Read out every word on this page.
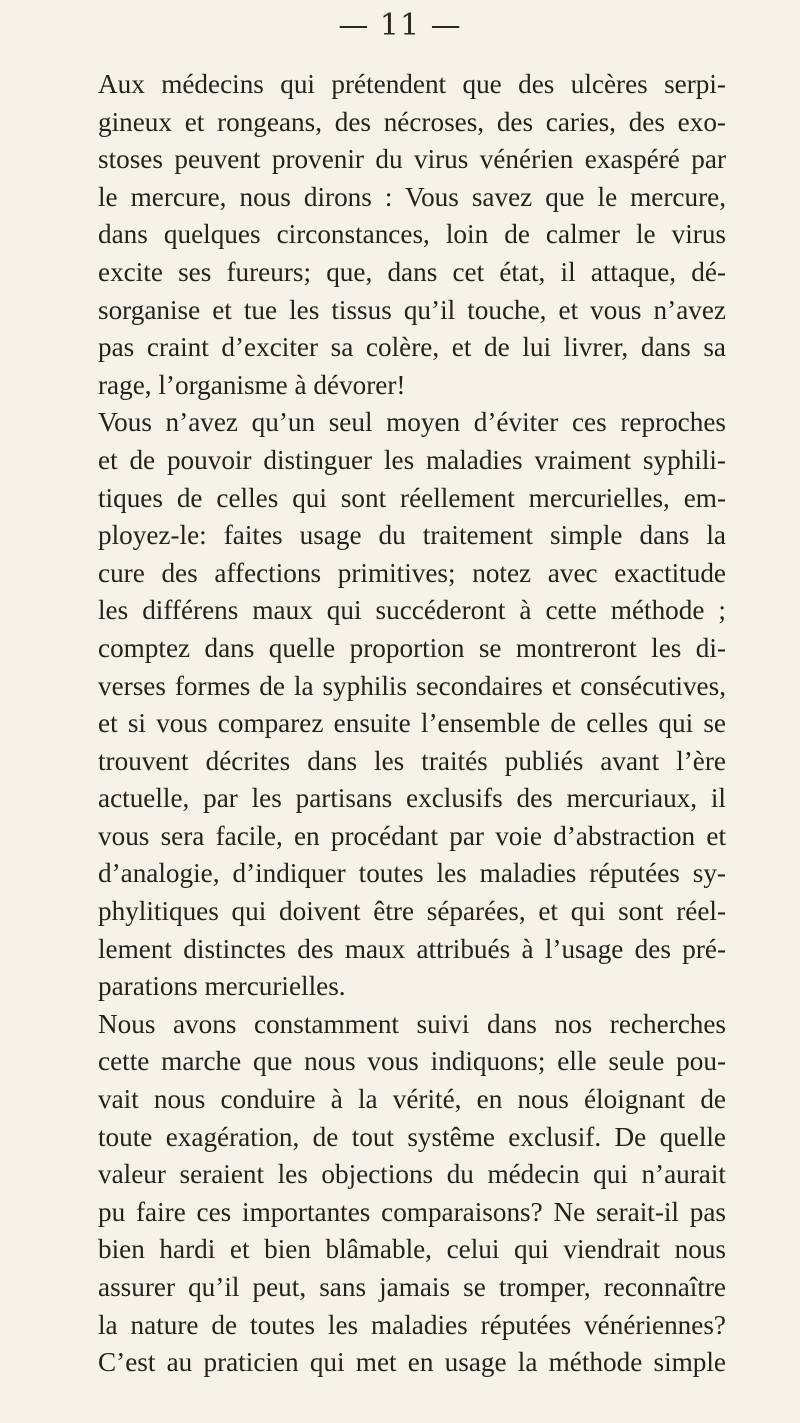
— 11 —
Aux médecins qui prétendent que des ulcères serpi-
gineux et rongeans, des nécroses, des caries, des exo-
stoses peuvent provenir du virus vénérien exaspéré par
le mercure, nous dirons : Vous savez que le mercure,
dans quelques circonstances, loin de calmer le virus
excite ses fureurs; que, dans cet état, il attaque, dé-
sorganise et tue les tissus qu’il touche, et vous n’avez
pas craint d’exciter sa colère, et de lui livrer, dans sa
rage, l’organisme à dévorer!
Vous n’avez qu’un seul moyen d’éviter ces reproches
et de pouvoir distinguer les maladies vraiment syphili-
tiques de celles qui sont réellement mercurielles, em-
ployez-le: faites usage du traitement simple dans la
cure des affections primitives; notez avec exactitude
les différens maux qui succéderont à cette méthode ;
comptez dans quelle proportion se montreront les di-
verses formes de la syphilis secondaires et consécutives,
et si vous comparez ensuite l’ensemble de celles qui se
trouvent décrites dans les traités publiés avant l’ère
actuelle, par les partisans exclusifs des mercuriaux, il
vous sera facile, en procédant par voie d’abstraction et
d’analogie, d’indiquer toutes les maladies réputées sy-
phylitiques qui doivent être séparées, et qui sont réel-
lement distinctes des maux attribués à l’usage des pré-
parations mercurielles.
Nous avons constamment suivi dans nos recherches
cette marche que nous vous indiquons; elle seule pou-
vait nous conduire à la vérité, en nous éloignant de
toute exagération, de tout systême exclusif. De quelle
valeur seraient les objections du médecin qui n’aurait
pu faire ces importantes comparaisons? Ne serait-il pas
bien hardi et bien blâmable, celui qui viendrait nous
assurer qu’il peut, sans jamais se tromper, reconnaître
la nature de toutes les maladies réputées vénériennes?
C’est au praticien qui met en usage la méthode simple
